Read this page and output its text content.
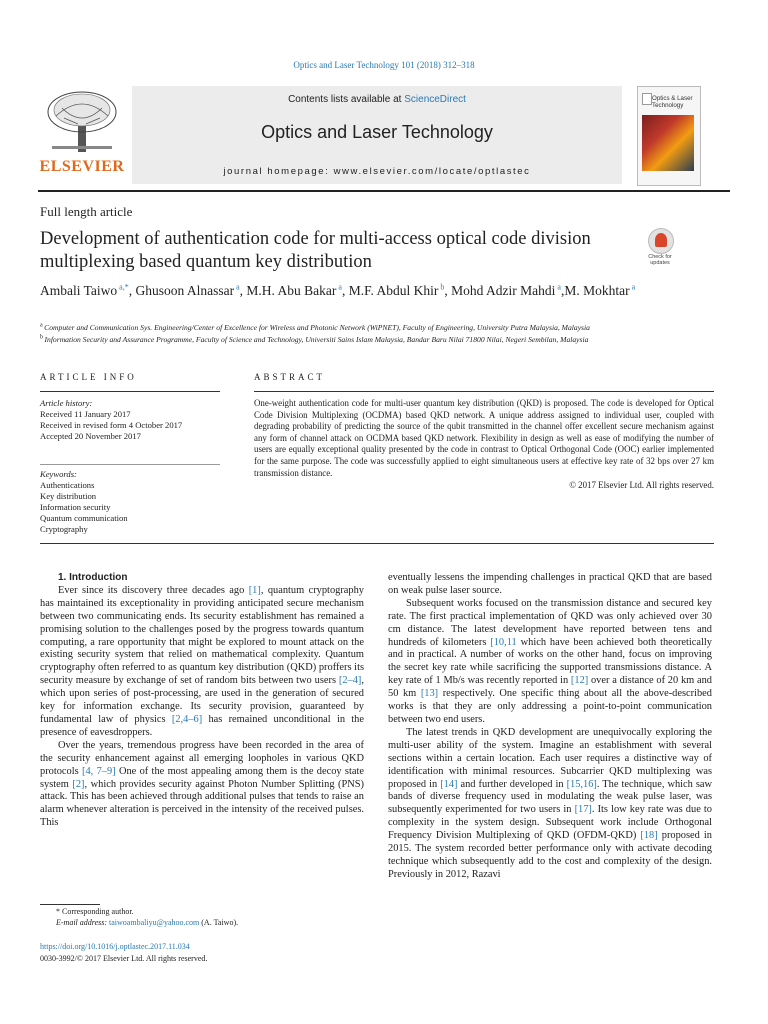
Optics and Laser Technology 101 (2018) 312–318
ELSEVIER
Contents lists available at ScienceDirect
Optics and Laser Technology
journal homepage: www.elsevier.com/locate/optlastec
Optics & Laser Technology
Full length article
Development of authentication code for multi-access optical code division multiplexing based quantum key distribution	Check for updates
Ambali Taiwo $^{a,*}$, Ghusoon Alnassar $^a$, M.H. Abu Bakar $^a$, M.F. Abdul Khir $^b$, Mohd Adzir Mahdi $^a$,M. Mokhtar $^a$
$^a$ Computer and Communication Sys. Engineering/Center of Excellence for Wireless and Photonic Network (WiPNET), Faculty of Engineering, University Putra Malaysia, Malaysia
$^b$ Information Security and Assurance Programme, Faculty of Science and Technology, Universiti Sains Islam Malaysia, Bandar Baru Nilai 71800 Nilai, Negeri Sembilan, Malaysia
ARTICLE INFO
Article history:
Received 11 January 2017
Received in revised form 4 October 2017
Accepted 20 November 2017
Keywords:
Authentications
Key distribution
Information security
Quantum communication
Cryptography
ABSTRACT
One-weight authentication code for multi-user quantum key distribution (QKD) is proposed. The code is developed for Optical Code Division Multiplexing (OCDMA) based QKD network. A unique address assigned to individual user, coupled with degrading probability of predicting the source of the qubit transmitted in the channel offer excellent secure mechanism against any form of channel attack on OCDMA based QKD network. Flexibility in design as well as ease of modifying the number of users are equally exceptional quality presented by the code in contrast to Optical Orthogonal Code (OOC) earlier implemented for the same purpose. The code was successfully applied to eight simultaneous users at effective key rate of 32 bps over 27 km transmission distance.
© 2017 Elsevier Ltd. All rights reserved.

1. Introduction

Ever since its discovery three decades ago [1], quantum cryptography has maintained its exceptionality in providing anticipated secure mechanism between two communicating ends. Its security establishment has remained a promising solution to the challenges posed by the progress towards quantum computing, a rare opportunity that might be explored to mount attack on the existing security system that relied on mathematical complexity. Quantum cryptography often referred to as quantum key distribution (QKD) proffers its security measure by exchange of set of random bits between two users [2–4], which upon series of post-processing, are used in the generation of secured key for information exchange. Its security provision, guaranteed by fundamental law of physics [2,4–6] has remained unconditional in the presence of eavesdroppers.

Over the years, tremendous progress have been recorded in the area of the security enhancement against all emerging loopholes in various QKD protocols [4, 7–9] One of the most appealing among them is the decoy state system [2], which provides security against Photon Number Splitting (PNS) attack. This has been achieved through additional pulses that tends to raise an alarm whenever alteration is perceived in the intensity of the received pulses. This

eventually lessens the impending challenges in practical QKD that are based on weak pulse laser source.

Subsequent works focused on the transmission distance and secured key rate. The first practical implementation of QKD was only achieved over 30 cm distance. The latest development have reported between tens and hundreds of kilometers [10,11 which have been achieved both theoretically and in practical. A number of works on the other hand, focus on improving the secret key rate while sacrificing the supported transmissions distance. A key rate of 1 Mb/s was recently reported in [12] over a distance of 20 km and 50 km [13] respectively. One specific thing about all the above-described works is that they are only addressing a point-to-point communication between two end users.

The latest trends in QKD development are unequivocally exploring the multi-user ability of the system. Imagine an establishment with several sections within a certain location. Each user requires a distinctive way of identification with minimal resources. Subcarrier QKD multiplexing was proposed in [14] and further developed in [15,16]. The technique, which saw bands of diverse frequency used in modulating the weak pulse laser, was subsequently experimented for two users in [17]. Its low key rate was due to complexity in the system design. Subsequent work include Orthogonal Frequency Division Multiplexing of QKD (OFDM-QKD) [18] proposed in 2015. The system recorded better performance only with activate decoding technique which subsequently add to the cost and complexity of the design. Previously in 2012, Razavi

* Corresponding author.
E-mail address: taiwoambaliyu@yahoo.com (A. Taiwo).
https://doi.org/10.1016/j.optlastec.2017.11.034
0030-3992/© 2017 Elsevier Ltd. All rights reserved.
